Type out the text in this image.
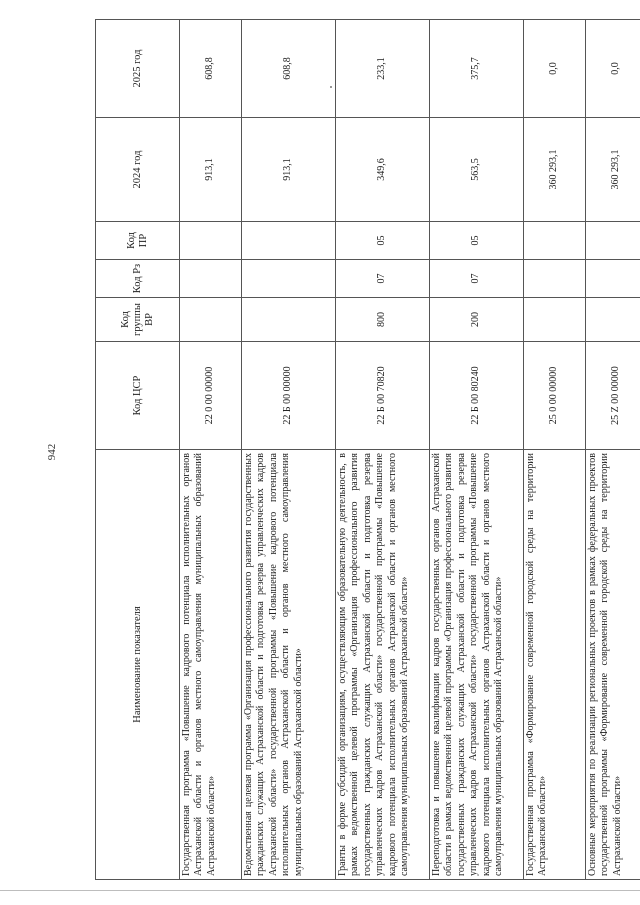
942
Наименование показателя	Код ЦСР	Код группы ВР	Код Рз	Код ПР	2024 год	2025 год
Государственная программа «Повышение кадрового потенциала исполнительных органов Астраханской области и органов местного самоуправления муниципальных образований Астраханской области»	22 0 00 00000				913,1	608,8
Ведомственная целевая программа «Организация профессионального развития государственных гражданских служащих Астраханской области и подготовка резерва управленческих кадров Астраханской области» государственной программы «Повышение кадрового потенциала исполнительных органов Астраханской области и органов местного самоуправления муниципальных образований Астраханской области»	22 Б 00 00000				913,1	608,8
Гранты в форме субсидий организациям, осуществляющим образовательную деятельность, в рамках ведомственной целевой программы «Организация профессионального развития государственных гражданских служащих Астраханской области и подготовка резерва управленческих кадров Астраханской области» государственной программы «Повышение кадрового потенциала исполнительных органов Астраханской области и органов местного самоуправления муниципальных образований Астраханской области»	22 Б 00 70820	800	07	05	349,6	233,1
Переподготовка и повышение квалификации кадров государственных органов Астраханской области в рамках ведомственной целевой программы «Организация профессионального развития государственных гражданских служащих Астраханской области и подготовка резерва управленческих кадров Астраханской области» государственной программы «Повышение кадрового потенциала исполнительных органов Астраханской области и органов местного самоуправления муниципальных образований Астраханской области»	22 Б 00 80240	200	07	05	563,5	375,7
Государственная программа «Формирование современной городской среды на территории Астраханской области»	25 0 00 00000				360 293,1	0,0
Основные мероприятия по реализации региональных проектов в рамках федеральных проектов государственной программы «Формирование современной городской среды на территории Астраханской области»	25 Z 00 00000				360 293,1	0,0
